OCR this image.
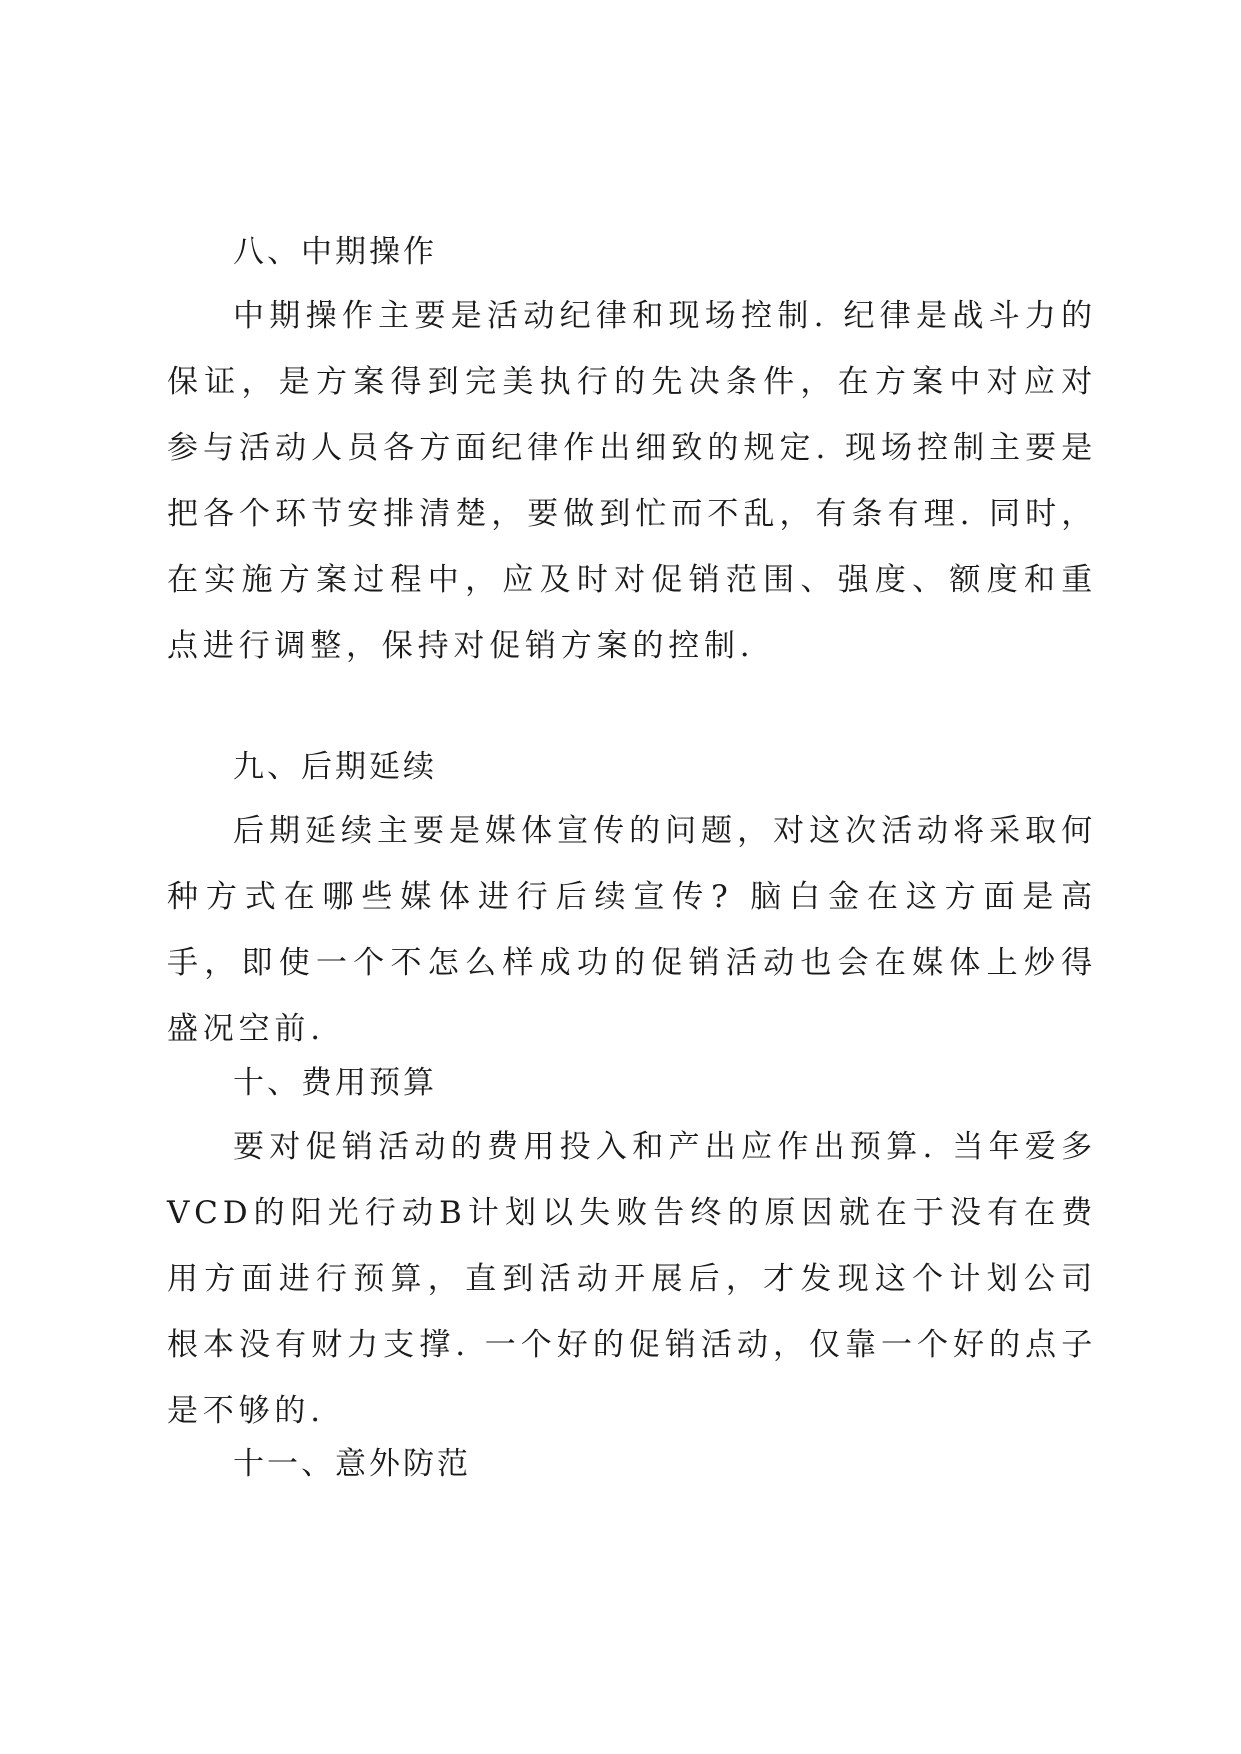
八、中期操作

中期操作主要是活动纪律和现场控制. 纪律是战斗力的保证，是方案得到完美执行的先决条件，在方案中对应对参与活动人员各方面纪律作出细致的规定. 现场控制主要是把各个环节安排清楚，要做到忙而不乱，有条有理. 同时，在实施方案过程中，应及时对促销范围、强度、额度和重点进行调整，保持对促销方案的控制.

九、后期延续

后期延续主要是媒体宣传的问题，对这次活动将采取何种方式在哪些媒体进行后续宣传? 脑白金在这方面是高手，即使一个不怎么样成功的促销活动也会在媒体上炒得盛况空前.

十、费用预算

要对促销活动的费用投入和产出应作出预算. 当年爱多VCD的阳光行动B计划以失败告终的原因就在于没有在费用方面进行预算，直到活动开展后，才发现这个计划公司根本没有财力支撑. 一个好的促销活动，仅靠一个好的点子是不够的.

十一、意外防范
